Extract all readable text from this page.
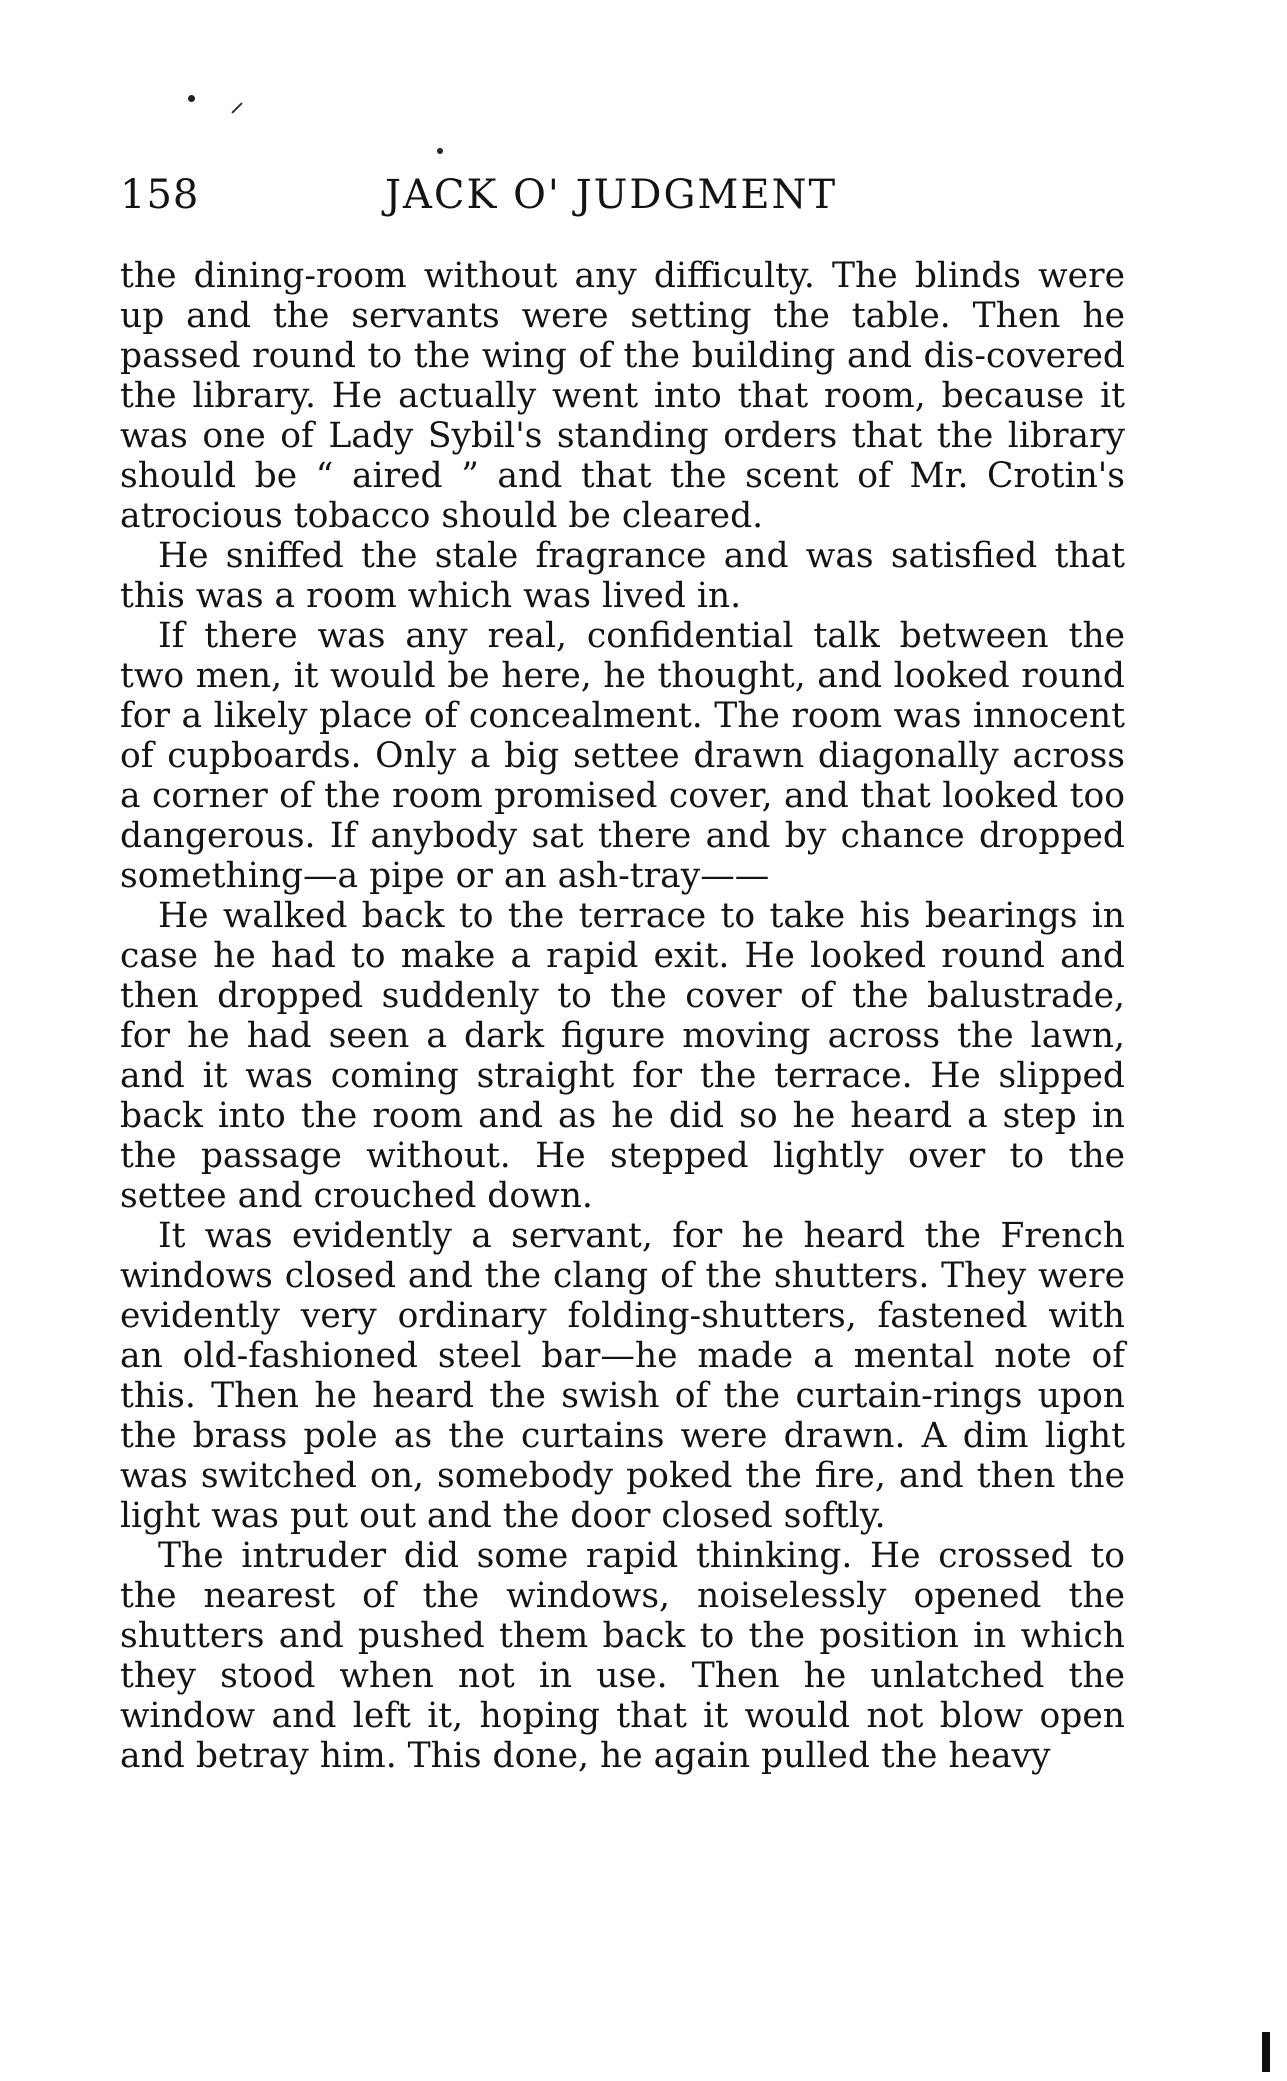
158	JACK O' JUDGMENT

the dining-room without any difficulty. The blinds were up and the servants were setting the table. Then he passed round to the wing of the building and dis-covered the library. He actually went into that room, because it was one of Lady Sybil's standing orders that the library should be “ aired ” and that the scent of Mr. Crotin's atrocious tobacco should be cleared.

He sniffed the stale fragrance and was satisfied that this was a room which was lived in.

If there was any real, confidential talk between the two men, it would be here, he thought, and looked round for a likely place of concealment. The room was innocent of cupboards. Only a big settee drawn diagonally across a corner of the room promised cover, and that looked too dangerous. If anybody sat there and by chance dropped something—a pipe or an ash-tray——

He walked back to the terrace to take his bearings in case he had to make a rapid exit. He looked round and then dropped suddenly to the cover of the balustrade, for he had seen a dark figure moving across the lawn, and it was coming straight for the terrace. He slipped back into the room and as he did so he heard a step in the passage without. He stepped lightly over to the settee and crouched down.

It was evidently a servant, for he heard the French windows closed and the clang of the shutters. They were evidently very ordinary folding-shutters, fastened with an old-fashioned steel bar—he made a mental note of this. Then he heard the swish of the curtain-rings upon the brass pole as the curtains were drawn. A dim light was switched on, somebody poked the fire, and then the light was put out and the door closed softly.

The intruder did some rapid thinking. He crossed to the nearest of the windows, noiselessly opened the shutters and pushed them back to the position in which they stood when not in use. Then he unlatched the window and left it, hoping that it would not blow open and betray him. This done, he again pulled the heavy
